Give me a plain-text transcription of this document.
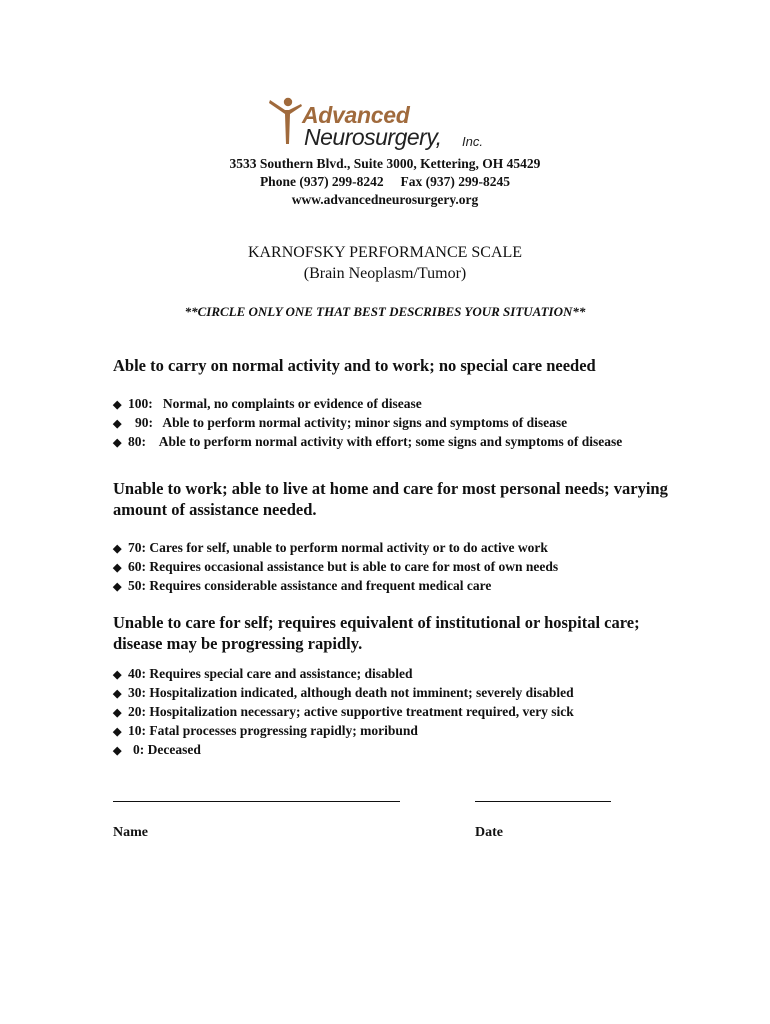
Advanced
Neurosurgery, Inc.
3533 Southern Blvd., Suite 3000, Kettering, OH 45429
Phone (937) 299-8242     Fax (937) 299-8245
www.advancedneurosurgery.org
KARNOFSKY PERFORMANCE SCALE
(Brain Neoplasm/Tumor)
**CIRCLE ONLY ONE THAT BEST DESCRIBES YOUR SITUATION**

Able to carry on normal activity and to work; no special care needed

◆ 100:   Normal, no complaints or evidence of disease
◆ 90:   Able to perform normal activity; minor signs and symptoms of disease
◆ 80:    Able to perform normal activity with effort; some signs and symptoms of disease

Unable to work; able to live at home and care for most personal needs; varying amount of assistance needed.

◆ 70: Cares for self, unable to perform normal activity or to do active work
◆ 60: Requires occasional assistance but is able to care for most of own needs
◆ 50: Requires considerable assistance and frequent medical care

Unable to care for self; requires equivalent of institutional or hospital care; disease may be progressing rapidly.

◆ 40: Requires special care and assistance; disabled
◆ 30: Hospitalization indicated, although death not imminent; severely disabled
◆ 20: Hospitalization necessary; active supportive treatment required, very sick
◆ 10: Fatal processes progressing rapidly; moribund
◆ 0: Deceased
Name	Date
